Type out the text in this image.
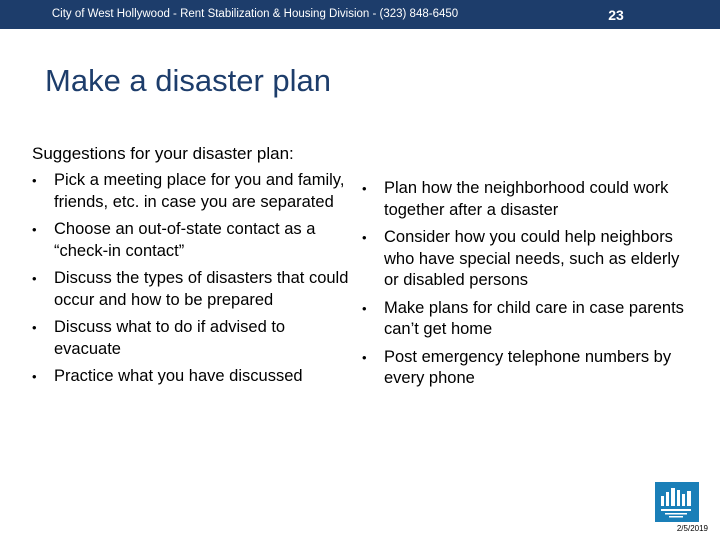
City of West Hollywood - Rent Stabilization & Housing Division - (323) 848-6450	23
Make a disaster plan
Suggestions for your disaster plan:
• Pick a meeting place for you and family, friends, etc. in case you are separated
• Choose an out-of-state contact as a “check-in contact”
• Discuss the types of disasters that could occur and how to be prepared
• Discuss what to do if advised to evacuate
• Practice what you have discussed
• Plan how the neighborhood could work together after a disaster
• Consider how you could help neighbors who have special needs, such as elderly or disabled persons
• Make plans for child care in case parents can’t get home
• Post emergency telephone numbers by every phone
2/5/2019
